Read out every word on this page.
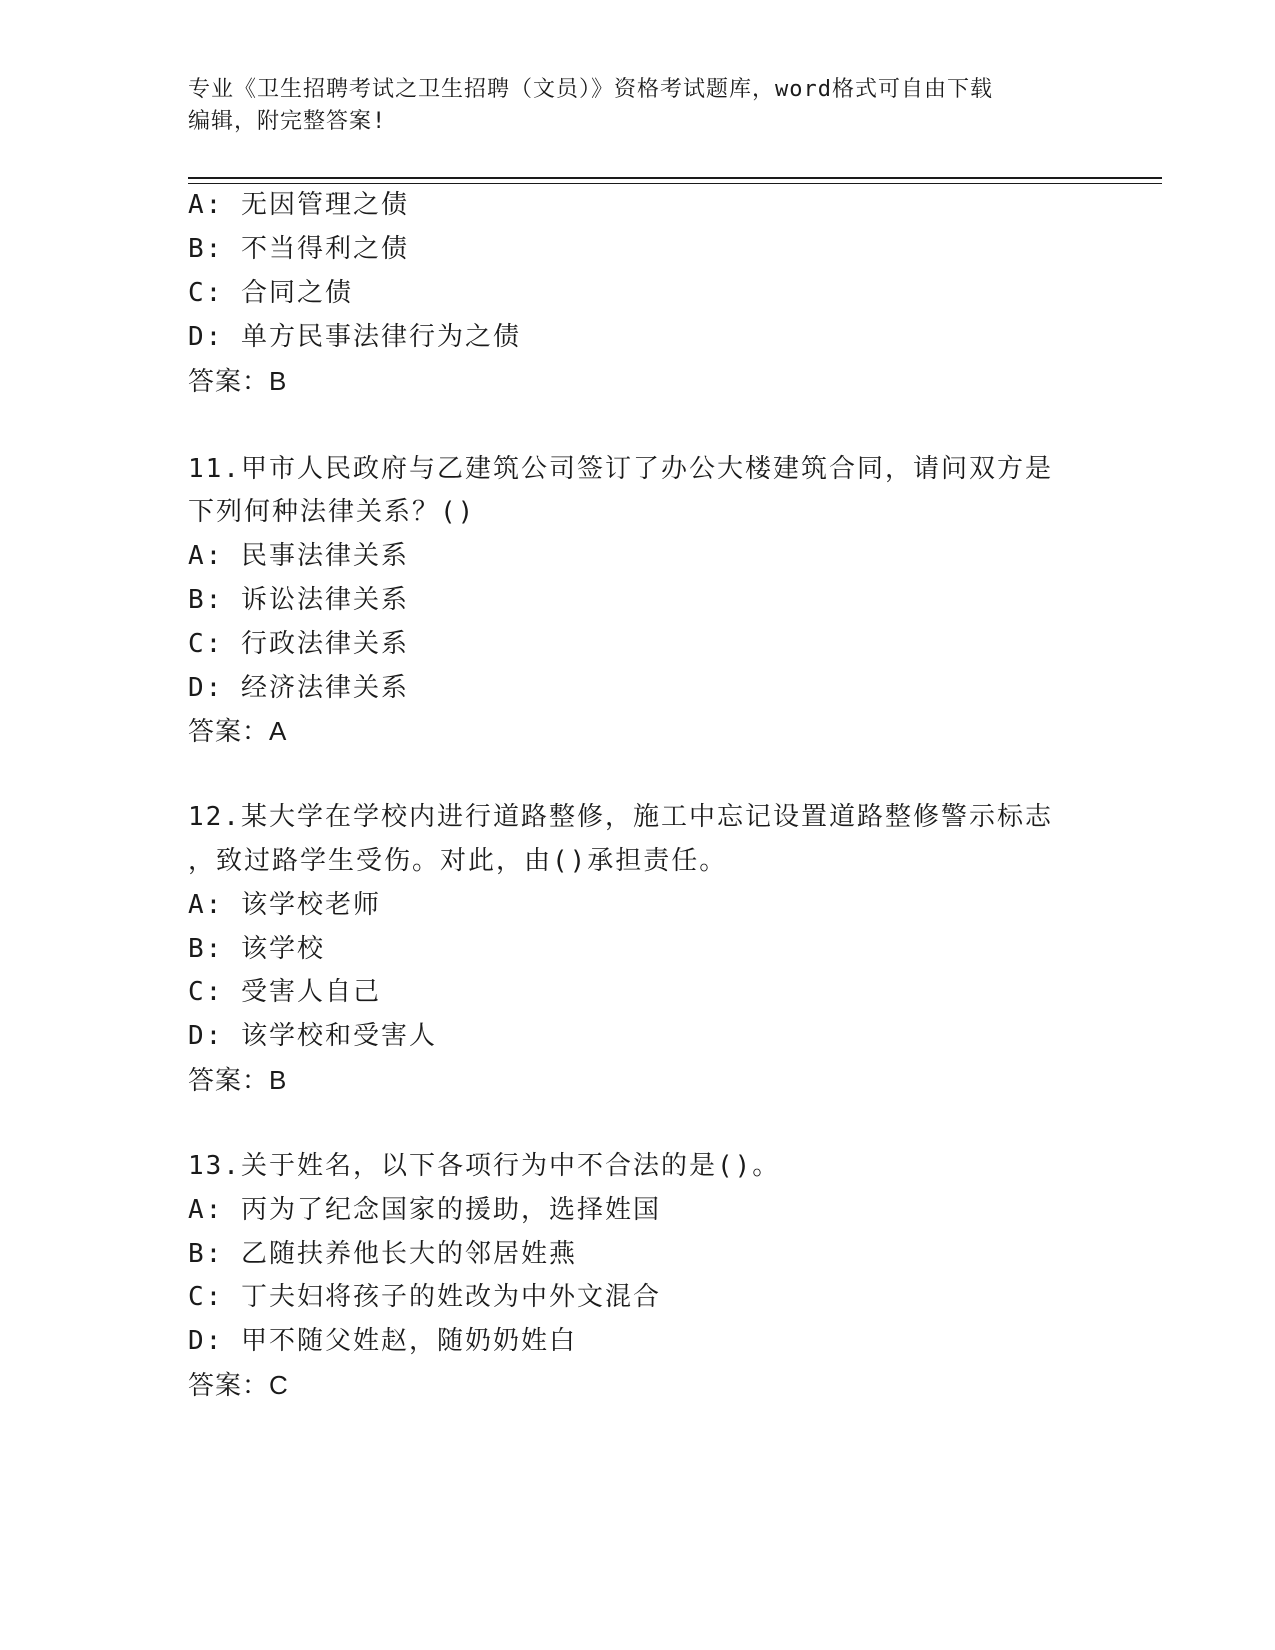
专业《卫生招聘考试之卫生招聘（文员）》资格考试题库，word格式可自由下载
编辑，附完整答案!
A: 无因管理之债
B: 不当得利之债
C: 合同之债
D: 单方民事法律行为之债
答案：B
11.甲市人民政府与乙建筑公司签订了办公大楼建筑合同，请问双方是
下列何种法律关系？()
A: 民事法律关系
B: 诉讼法律关系
C: 行政法律关系
D: 经济法律关系
答案：A
12.某大学在学校内进行道路整修，施工中忘记设置道路整修警示标志
，致过路学生受伤。对此，由()承担责任。
A: 该学校老师
B: 该学校
C: 受害人自己
D: 该学校和受害人
答案：B
13.关于姓名，以下各项行为中不合法的是()。
A: 丙为了纪念国家的援助，选择姓国
B: 乙随扶养他长大的邻居姓燕
C: 丁夫妇将孩子的姓改为中外文混合
D: 甲不随父姓赵，随奶奶姓白
答案：C
